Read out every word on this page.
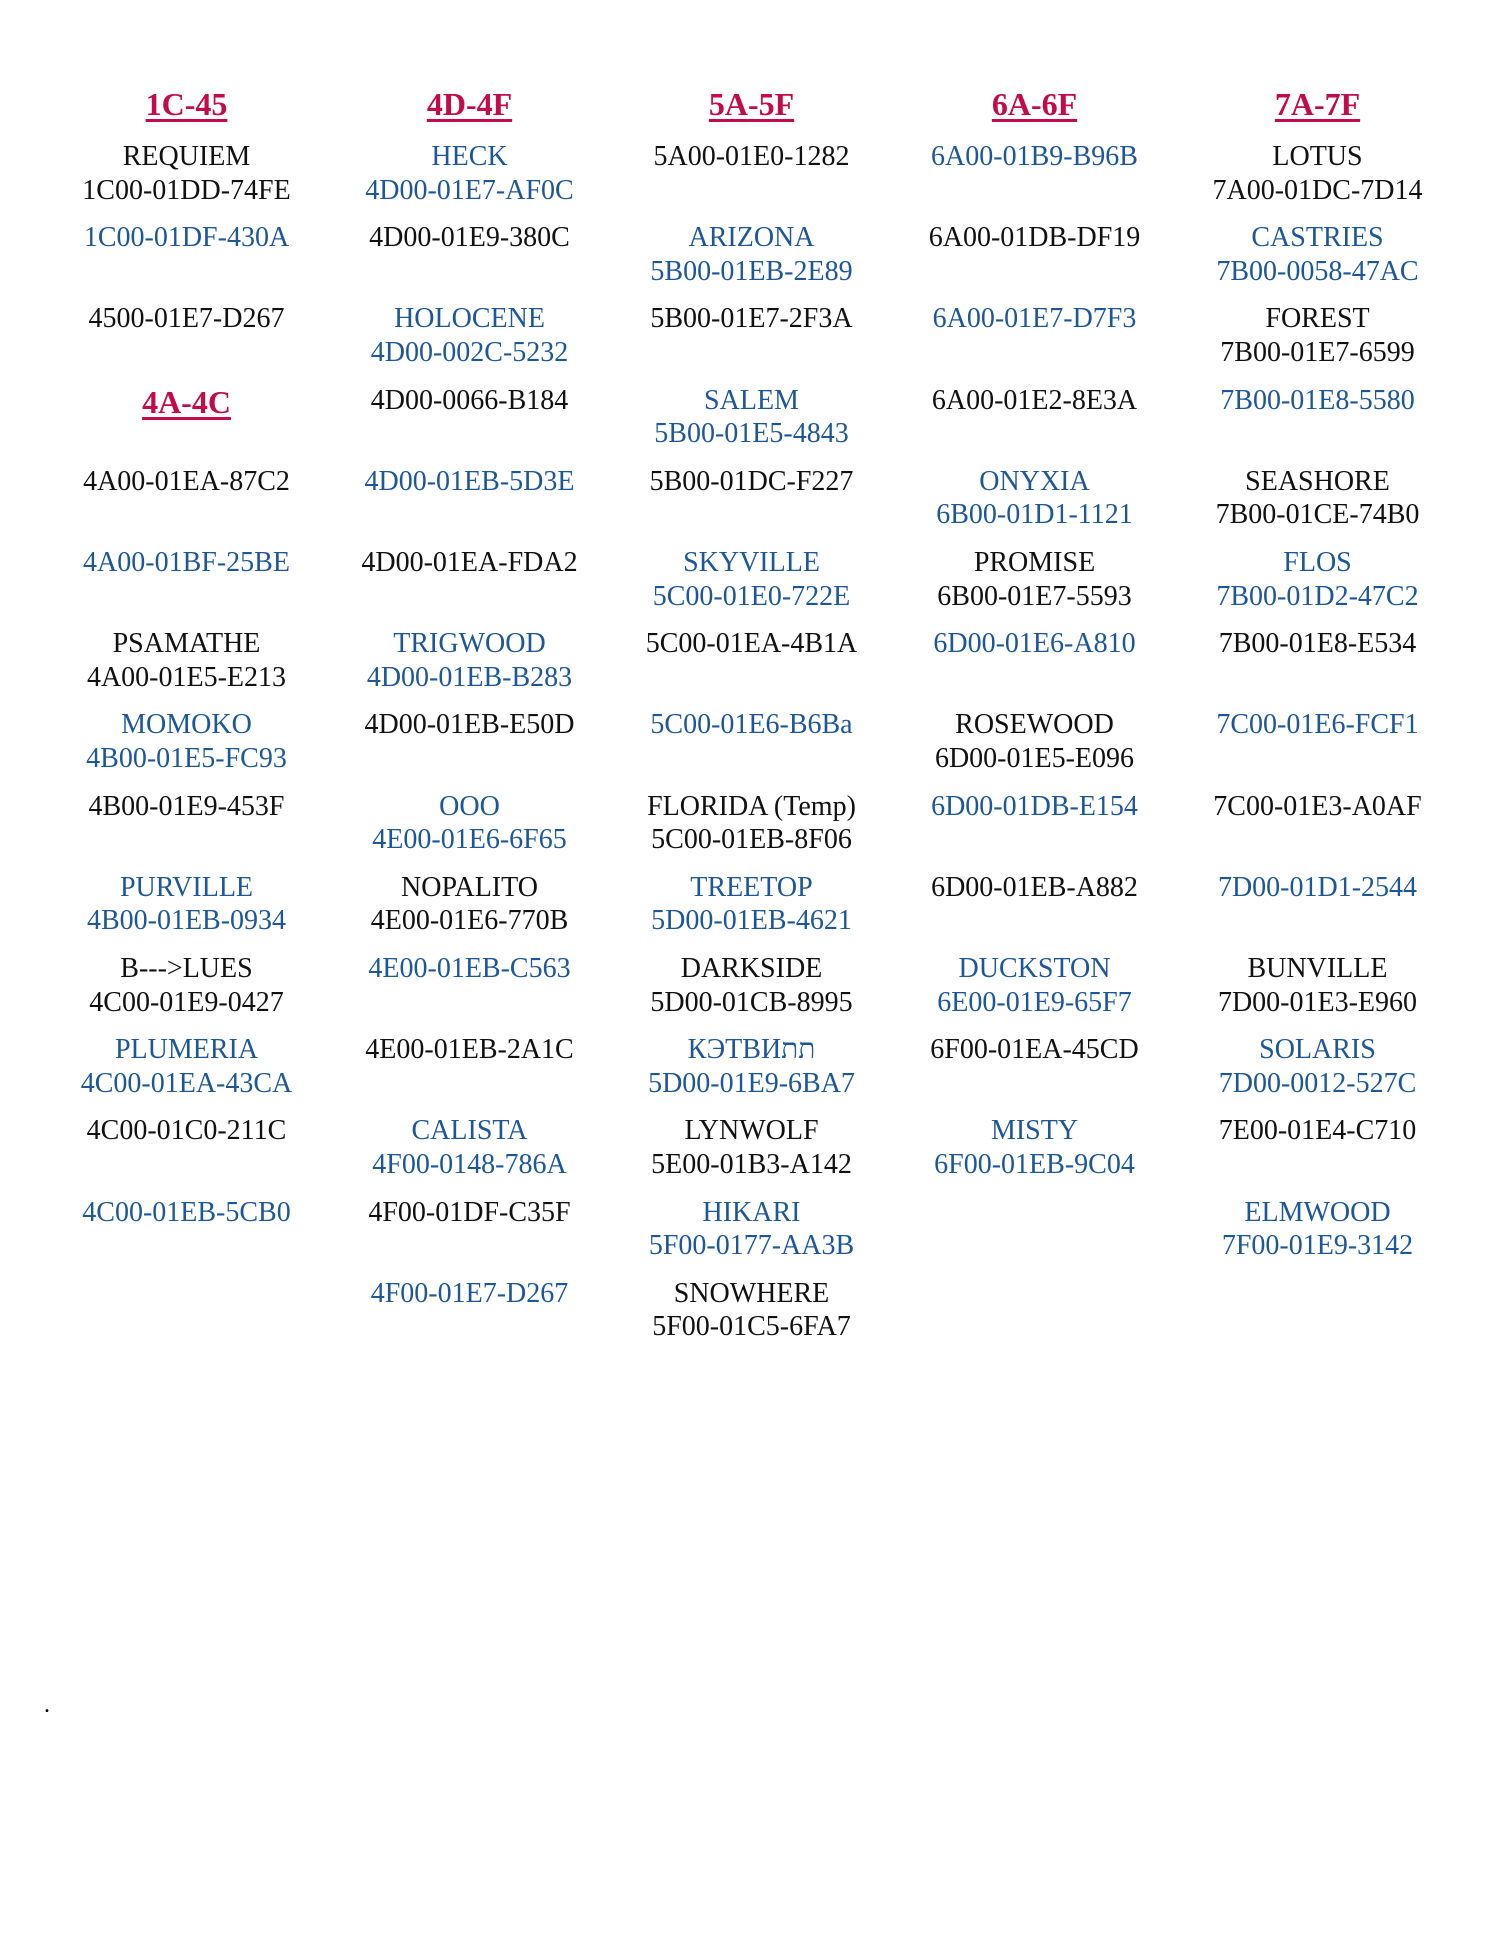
1C-45
REQUIEM
1C00-01DD-74FE
1C00-01DF-430A
4500-01E7-D267
4A-4C
4A00-01EA-87C2
4A00-01BF-25BE
PSAMATHE
4A00-01E5-E213
MOMOKO
4B00-01E5-FC93
4B00-01E9-453F
PURVILLE
4B00-01EB-0934
B--->LUES
4C00-01E9-0427
PLUMERIA
4C00-01EA-43CA
4C00-01C0-211C
4C00-01EB-5CB0
4D-4F
HECK
4D00-01E7-AF0C
4D00-01E9-380C
HOLOCENE
4D00-002C-5232
4D00-0066-B184
4D00-01EB-5D3E
4D00-01EA-FDA2
TRIGWOOD
4D00-01EB-B283
4D00-01EB-E50D
OOO
4E00-01E6-6F65
NOPALITO
4E00-01E6-770B
4E00-01EB-C563
4E00-01EB-2A1C
CALISTA
4F00-0148-786A
4F00-01DF-C35F
4F00-01E7-D267
5A-5F
5A00-01E0-1282
ARIZONA
5B00-01EB-2E89
5B00-01E7-2F3A
SALEM
5B00-01E5-4843
5B00-01DC-F227
SKYVILLE
5C00-01E0-722E
5C00-01EA-4B1A
5C00-01E6-B6Ba
FLORIDA (Temp)
5C00-01EB-8F06
TREETOP
5D00-01EB-4621
DARKSIDE
5D00-01CB-8995
КЭТВИתת
5D00-01E9-6BA7
LYNWOLF
5E00-01B3-A142
HIKARI
5F00-0177-AA3B
SNOWHERE
5F00-01C5-6FA7
6A-6F
6A00-01B9-B96B
6A00-01DB-DF19
6A00-01E7-D7F3
6A00-01E2-8E3A
ONYXIA
6B00-01D1-1121
PROMISE
6B00-01E7-5593
6D00-01E6-A810
ROSEWOOD
6D00-01E5-E096
6D00-01DB-E154
6D00-01EB-A882
DUCKSTON
6E00-01E9-65F7
6F00-01EA-45CD
MISTY
6F00-01EB-9C04
7A-7F
LOTUS
7A00-01DC-7D14
CASTRIES
7B00-0058-47AC
FOREST
7B00-01E7-6599
7B00-01E8-5580
SEASHORE
7B00-01CE-74B0
FLOS
7B00-01D2-47C2
7B00-01E8-E534
7C00-01E6-FCF1
7C00-01E3-A0AF
7D00-01D1-2544
BUNVILLE
7D00-01E3-E960
SOLARIS
7D00-0012-527C
7E00-01E4-C710
ELMWOOD
7F00-01E9-3142
.
